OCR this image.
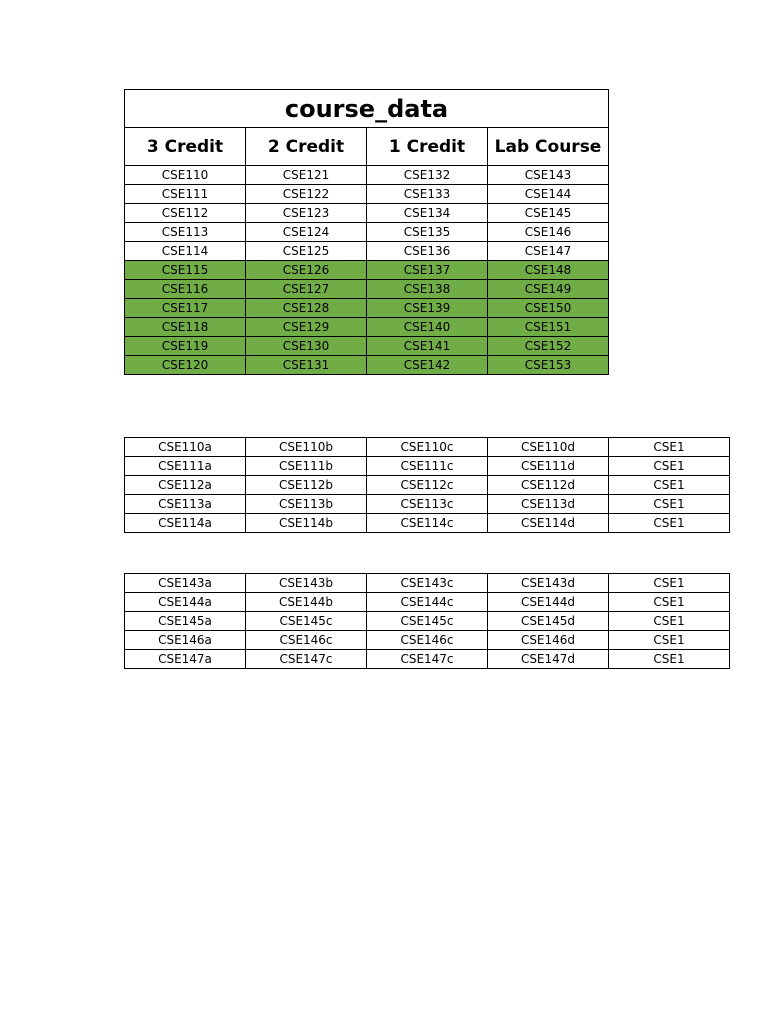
course_data			
3 Credit	2 Credit	1 Credit	Lab Course
CSE110	CSE121	CSE132	CSE143
CSE111	CSE122	CSE133	CSE144
CSE112	CSE123	CSE134	CSE145
CSE113	CSE124	CSE135	CSE146
CSE114	CSE125	CSE136	CSE147
CSE115	CSE126	CSE137	CSE148
CSE116	CSE127	CSE138	CSE149
CSE117	CSE128	CSE139	CSE150
CSE118	CSE129	CSE140	CSE151
CSE119	CSE130	CSE141	CSE152
CSE120	CSE131	CSE142	CSE153
CSE110a	CSE110b	CSE110c	CSE110d	CSE1
CSE111a	CSE111b	CSE111c	CSE111d	CSE1
CSE112a	CSE112b	CSE112c	CSE112d	CSE1
CSE113a	CSE113b	CSE113c	CSE113d	CSE1
CSE114a	CSE114b	CSE114c	CSE114d	CSE1
CSE143a	CSE143b	CSE143c	CSE143d	CSE1
CSE144a	CSE144b	CSE144c	CSE144d	CSE1
CSE145a	CSE145c	CSE145c	CSE145d	CSE1
CSE146a	CSE146c	CSE146c	CSE146d	CSE1
CSE147a	CSE147c	CSE147c	CSE147d	CSE1
